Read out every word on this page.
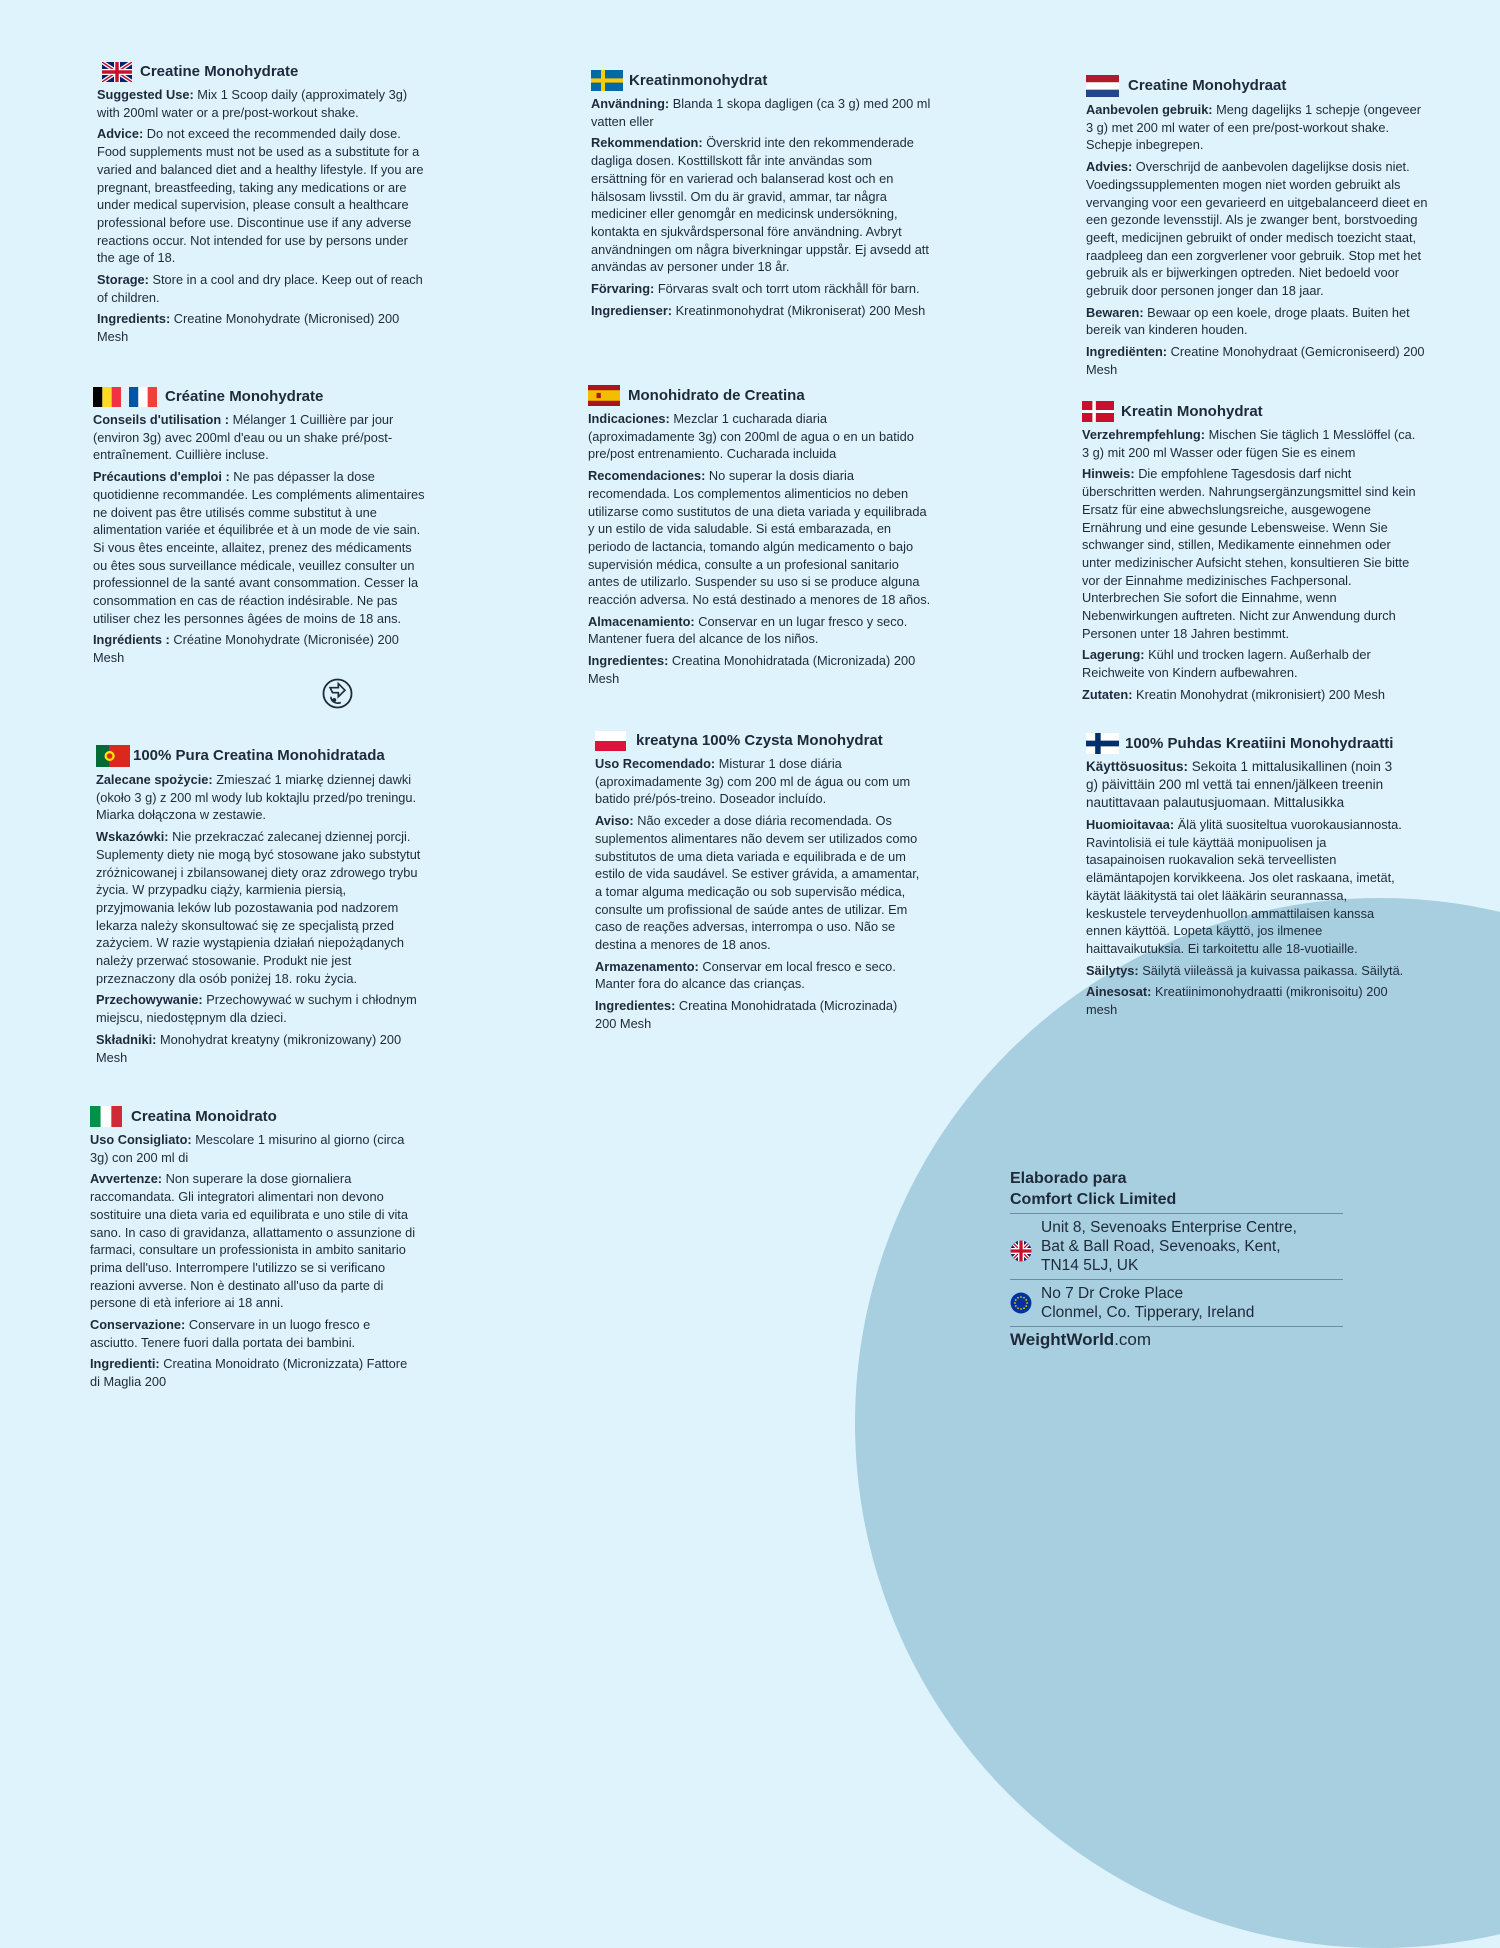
Creatine Monohydrate
Suggested Use: Mix 1 Scoop daily (approximately 3g) with 200ml water or a pre/post-workout shake.
Advice: Do not exceed the recommended daily dose. Food supplements must not be used as a substitute for a varied and balanced diet and a healthy lifestyle. If you are pregnant, breastfeeding, taking any medications or are under medical supervision, please consult a healthcare professional before use. Discontinue use if any adverse reactions occur. Not intended for use by persons under the age of 18.
Storage: Store in a cool and dry place. Keep out of reach of children.
Ingredients: Creatine Monohydrate (Micronised) 200 Mesh
Créatine Monohydrate
Conseils d'utilisation : Mélanger 1 Cuillière par jour (environ 3g) avec 200ml d'eau ou un shake pré/post-entraînement. Cuillière incluse.
Précautions d'emploi : Ne pas dépasser la dose quotidienne recommandée. Les compléments alimentaires ne doivent pas être utilisés comme substitut à une alimentation variée et équilibrée et à un mode de vie sain. Si vous êtes enceinte, allaitez, prenez des médicaments ou êtes sous surveillance médicale, veuillez consulter un professionnel de la santé avant consommation. Cesser la consommation en cas de réaction indésirable. Ne pas utiliser chez les personnes âgées de moins de 18 ans.
Ingrédients : Créatine Monohydrate (Micronisée) 200 Mesh
100% Pura Creatina Monohidratada
Zalecane spożycie: Zmieszać 1 miarkę dziennej dawki (około 3 g) z 200 ml wody lub koktajlu przed/po treningu. Miarka dołączona w zestawie.
Wskazówki: Nie przekraczać zalecanej dziennej porcji. Suplementy diety nie mogą być stosowane jako substytut zróżnicowanej i zbilansowanej diety oraz zdrowego trybu życia. W przypadku ciąży, karmienia piersią, przyjmowania leków lub pozostawania pod nadzorem lekarza należy skonsultować się ze specjalistą przed zażyciem. W razie wystąpienia działań niepożądanych należy przerwać stosowanie. Produkt nie jest przeznaczony dla osób poniżej 18. roku życia.
Przechowywanie: Przechowywać w suchym i chłodnym miejscu, niedostępnym dla dzieci.
Składniki: Monohydrat kreatyny (mikronizowany) 200 Mesh
Creatina Monoidrato
Uso Consigliato: Mescolare 1 misurino al giorno (circa 3g) con 200 ml di
Avvertenze: Non superare la dose giornaliera raccomandata. Gli integratori alimentari non devono sostituire una dieta varia ed equilibrata e uno stile di vita sano. In caso di gravidanza, allattamento o assunzione di farmaci, consultare un professionista in ambito sanitario prima dell'uso. Interrompere l'utilizzo se si verificano reazioni avverse. Non è destinato all'uso da parte di persone di età inferiore ai 18 anni.
Conservazione: Conservare in un luogo fresco e asciutto. Tenere fuori dalla portata dei bambini.
Ingredienti: Creatina Monoidrato (Micronizzata) Fattore di Maglia 200
Kreatinmonohydrat
Användning: Blanda 1 skopa dagligen (ca 3 g) med 200 ml vatten eller
Rekommendation: Överskrid inte den rekommenderade dagliga dosen. Kosttillskott får inte användas som ersättning för en varierad och balanserad kost och en hälsosam livsstil. Om du är gravid, ammar, tar några mediciner eller genomgår en medicinsk undersökning, kontakta en sjukvårdspersonal före användning. Avbryt användningen om några biverkningar uppstår. Ej avsedd att användas av personer under 18 år.
Förvaring: Förvaras svalt och torrt utom räckhåll för barn.
Ingredienser: Kreatinmonohydrat (Mikroniserat) 200 Mesh
Monohidrato de Creatina
Indicaciones: Mezclar 1 cucharada diaria (aproximadamente 3g) con 200ml de agua o en un batido pre/post entrenamiento. Cucharada incluida
Recomendaciones: No superar la dosis diaria recomendada. Los complementos alimenticios no deben utilizarse como sustitutos de una dieta variada y equilibrada y un estilo de vida saludable. Si está embarazada, en periodo de lactancia, tomando algún medicamento o bajo supervisión médica, consulte a un profesional sanitario antes de utilizarlo. Suspender su uso si se produce alguna reacción adversa. No está destinado a menores de 18 años.
Almacenamiento: Conservar en un lugar fresco y seco. Mantener fuera del alcance de los niños.
Ingredientes: Creatina Monohidratada (Micronizada) 200 Mesh
kreatyna 100% Czysta Monohydrat
Uso Recomendado: Misturar 1 dose diária (aproximadamente 3g) com 200 ml de água ou com um batido pré/pós-treino. Doseador incluído.
Aviso: Não exceder a dose diária recomendada. Os suplementos alimentares não devem ser utilizados como substitutos de uma dieta variada e equilibrada e de um estilo de vida saudável. Se estiver grávida, a amamentar, a tomar alguma medicação ou sob supervisão médica, consulte um profissional de saúde antes de utilizar. Em caso de reações adversas, interrompa o uso. Não se destina a menores de 18 anos.
Armazenamento: Conservar em local fresco e seco. Manter fora do alcance das crianças.
Ingredientes: Creatina Monohidratada (Microzinada) 200 Mesh
Creatine Monohydraat
Aanbevolen gebruik: Meng dagelijks 1 schepje (ongeveer 3 g) met 200 ml water of een pre/post-workout shake. Schepje inbegrepen.
Advies: Overschrijd de aanbevolen dagelijkse dosis niet. Voedingssupplementen mogen niet worden gebruikt als vervanging voor een gevarieerd en uitgebalanceerd dieet en een gezonde levensstijl. Als je zwanger bent, borstvoeding geeft, medicijnen gebruikt of onder medisch toezicht staat, raadpleeg dan een zorgverlener voor gebruik. Stop met het gebruik als er bijwerkingen optreden. Niet bedoeld voor gebruik door personen jonger dan 18 jaar.
Bewaren: Bewaar op een koele, droge plaats. Buiten het bereik van kinderen houden.
Ingrediënten: Creatine Monohydraat (Gemicroniseerd) 200 Mesh
Kreatin Monohydrat
Verzehrempfehlung: Mischen Sie täglich 1 Messlöffel (ca. 3 g) mit 200 ml Wasser oder fügen Sie es einem
Hinweis: Die empfohlene Tagesdosis darf nicht überschritten werden. Nahrungsergänzungsmittel sind kein Ersatz für eine abwechslungsreiche, ausgewogene Ernährung und eine gesunde Lebensweise. Wenn Sie schwanger sind, stillen, Medikamente einnehmen oder unter medizinischer Aufsicht stehen, konsultieren Sie bitte vor der Einnahme medizinisches Fachpersonal. Unterbrechen Sie sofort die Einnahme, wenn Nebenwirkungen auftreten. Nicht zur Anwendung durch Personen unter 18 Jahren bestimmt.
Lagerung: Kühl und trocken lagern. Außerhalb der Reichweite von Kindern aufbewahren.
Zutaten: Kreatin Monohydrat (mikronisiert) 200 Mesh
100% Puhdas Kreatiini Monohydraatti
Käyttösuositus: Sekoita 1 mittalusikallinen (noin 3 g) päivittäin 200 ml vettä tai ennen/jälkeen treenin nautittavaan palautusjuomaan. Mittalusikka
Huomioitavaa: Älä ylitä suositeltua vuorokausiannosta. Ravintolisiä ei tule käyttää monipuolisen ja tasapainoisen ruokavalion sekä terveellisten elämäntapojen korvikkeena. Jos olet raskaana, imetät, käytät lääkitystä tai olet lääkärin seurannassa, keskustele terveydenhuollon ammattilaisen kanssa ennen käyttöä. Lopeta käyttö, jos ilmenee haittavaikutuksia. Ei tarkoitettu alle 18-vuotiaille.
Säilytys: Säilytä viileässä ja kuivassa paikassa. Säilytä.
Ainesosat: Kreatiinimonohydraatti (mikronisoitu) 200 mesh
Elaborado para
Comfort Click Limited
Unit 8, Sevenoaks Enterprise Centre,
Bat & Ball Road, Sevenoaks, Kent,
TN14 5LJ, UK
No 7 Dr Croke Place
Clonmel, Co. Tipperary, Ireland
WeightWorld.com
